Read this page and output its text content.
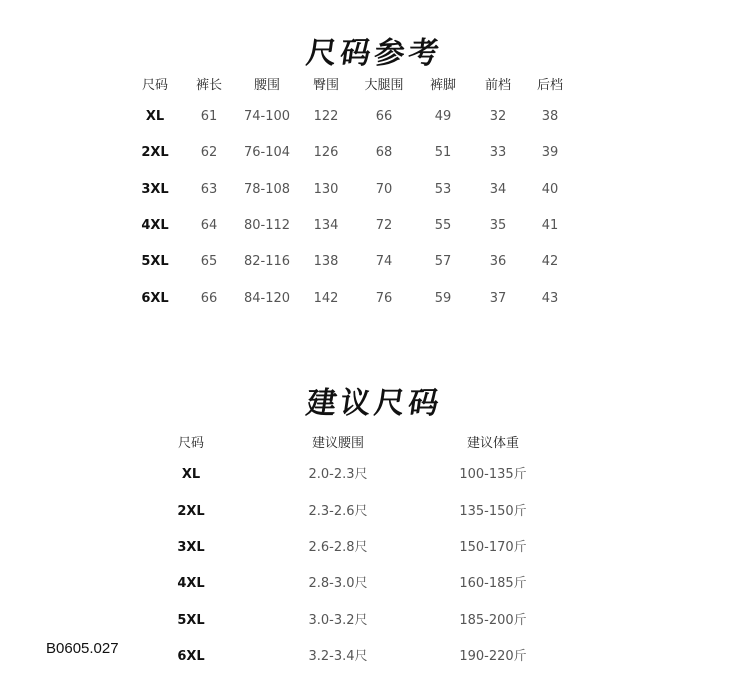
尺码参考
尺码	裤长	腰围	臀围	大腿围	裤脚	前档	后档
XL	61	74-100	122	66	49	32	38
2XL	62	76-104	126	68	51	33	39
3XL	63	78-108	130	70	53	34	40
4XL	64	80-112	134	72	55	35	41
5XL	65	82-116	138	74	57	36	42
6XL	66	84-120	142	76	59	37	43
建议尺码
尺码	建议腰围	建议体重
XL	2.0-2.3尺	100-135斤
2XL	2.3-2.6尺	135-150斤
3XL	2.6-2.8尺	150-170斤
4XL	2.8-3.0尺	160-185斤
5XL	3.0-3.2尺	185-200斤
6XL	3.2-3.4尺	190-220斤
B0605.027
